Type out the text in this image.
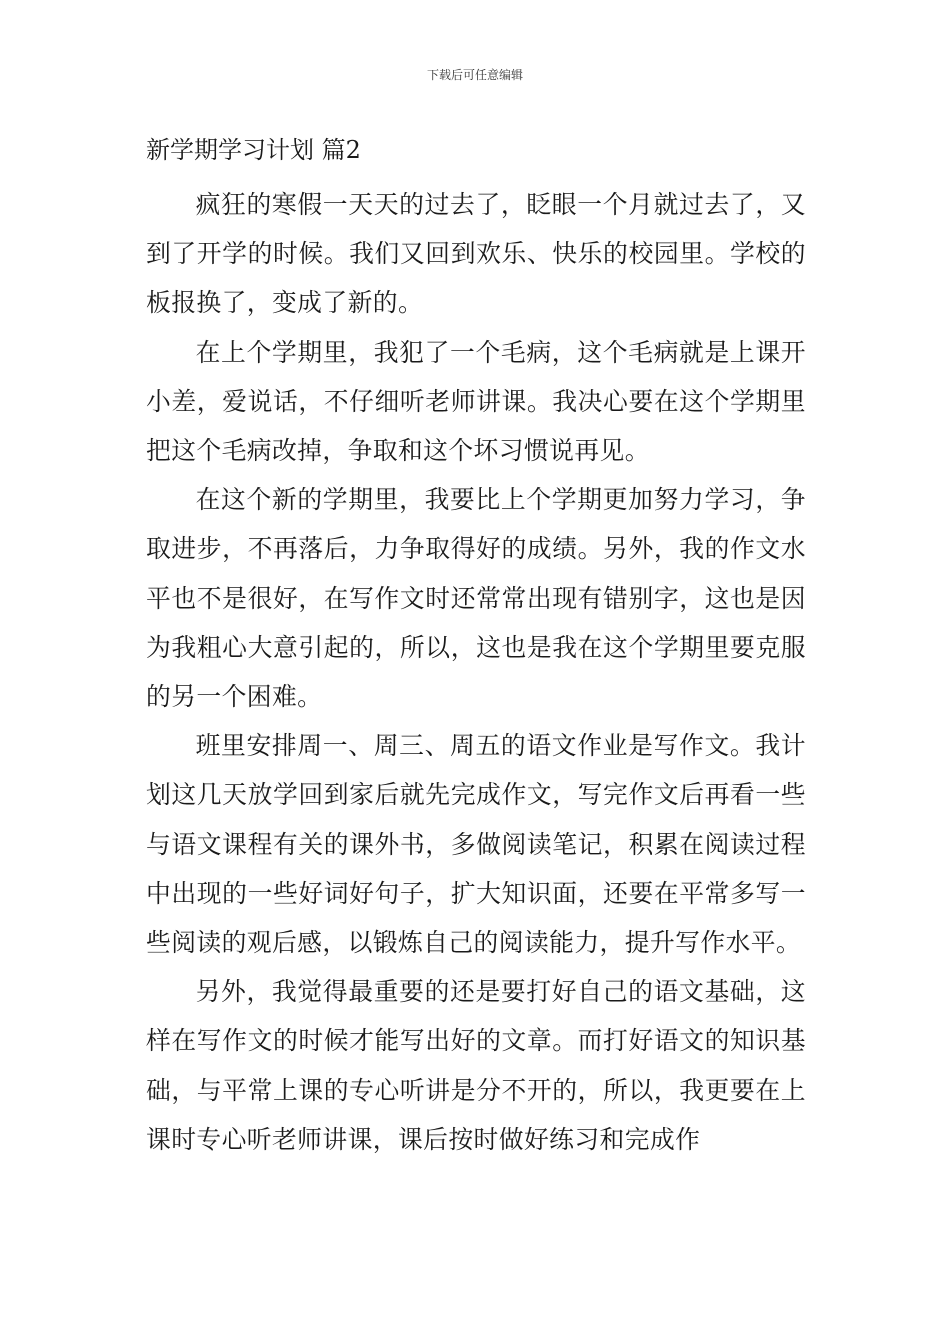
下载后可任意编辑
新学期学习计划 篇2

疯狂的寒假一天天的过去了，眨眼一个月就过去了，又到了开学的时候。我们又回到欢乐、快乐的校园里。学校的板报换了，变成了新的。

在上个学期里，我犯了一个毛病，这个毛病就是上课开小差，爱说话，不仔细听老师讲课。我决心要在这个学期里把这个毛病改掉，争取和这个坏习惯说再见。

在这个新的学期里，我要比上个学期更加努力学习，争取进步，不再落后，力争取得好的成绩。另外，我的作文水平也不是很好，在写作文时还常常出现有错别字，这也是因为我粗心大意引起的，所以，这也是我在这个学期里要克服的另一个困难。

班里安排周一、周三、周五的语文作业是写作文。我计划这几天放学回到家后就先完成作文，写完作文后再看一些与语文课程有关的课外书，多做阅读笔记，积累在阅读过程中出现的一些好词好句子，扩大知识面，还要在平常多写一些阅读的观后感，以锻炼自己的阅读能力，提升写作水平。

另外，我觉得最重要的还是要打好自己的语文基础，这样在写作文的时候才能写出好的文章。而打好语文的知识基础，与平常上课的专心听讲是分不开的，所以，我更要在上课时专心听老师讲课，课后按时做好练习和完成作
